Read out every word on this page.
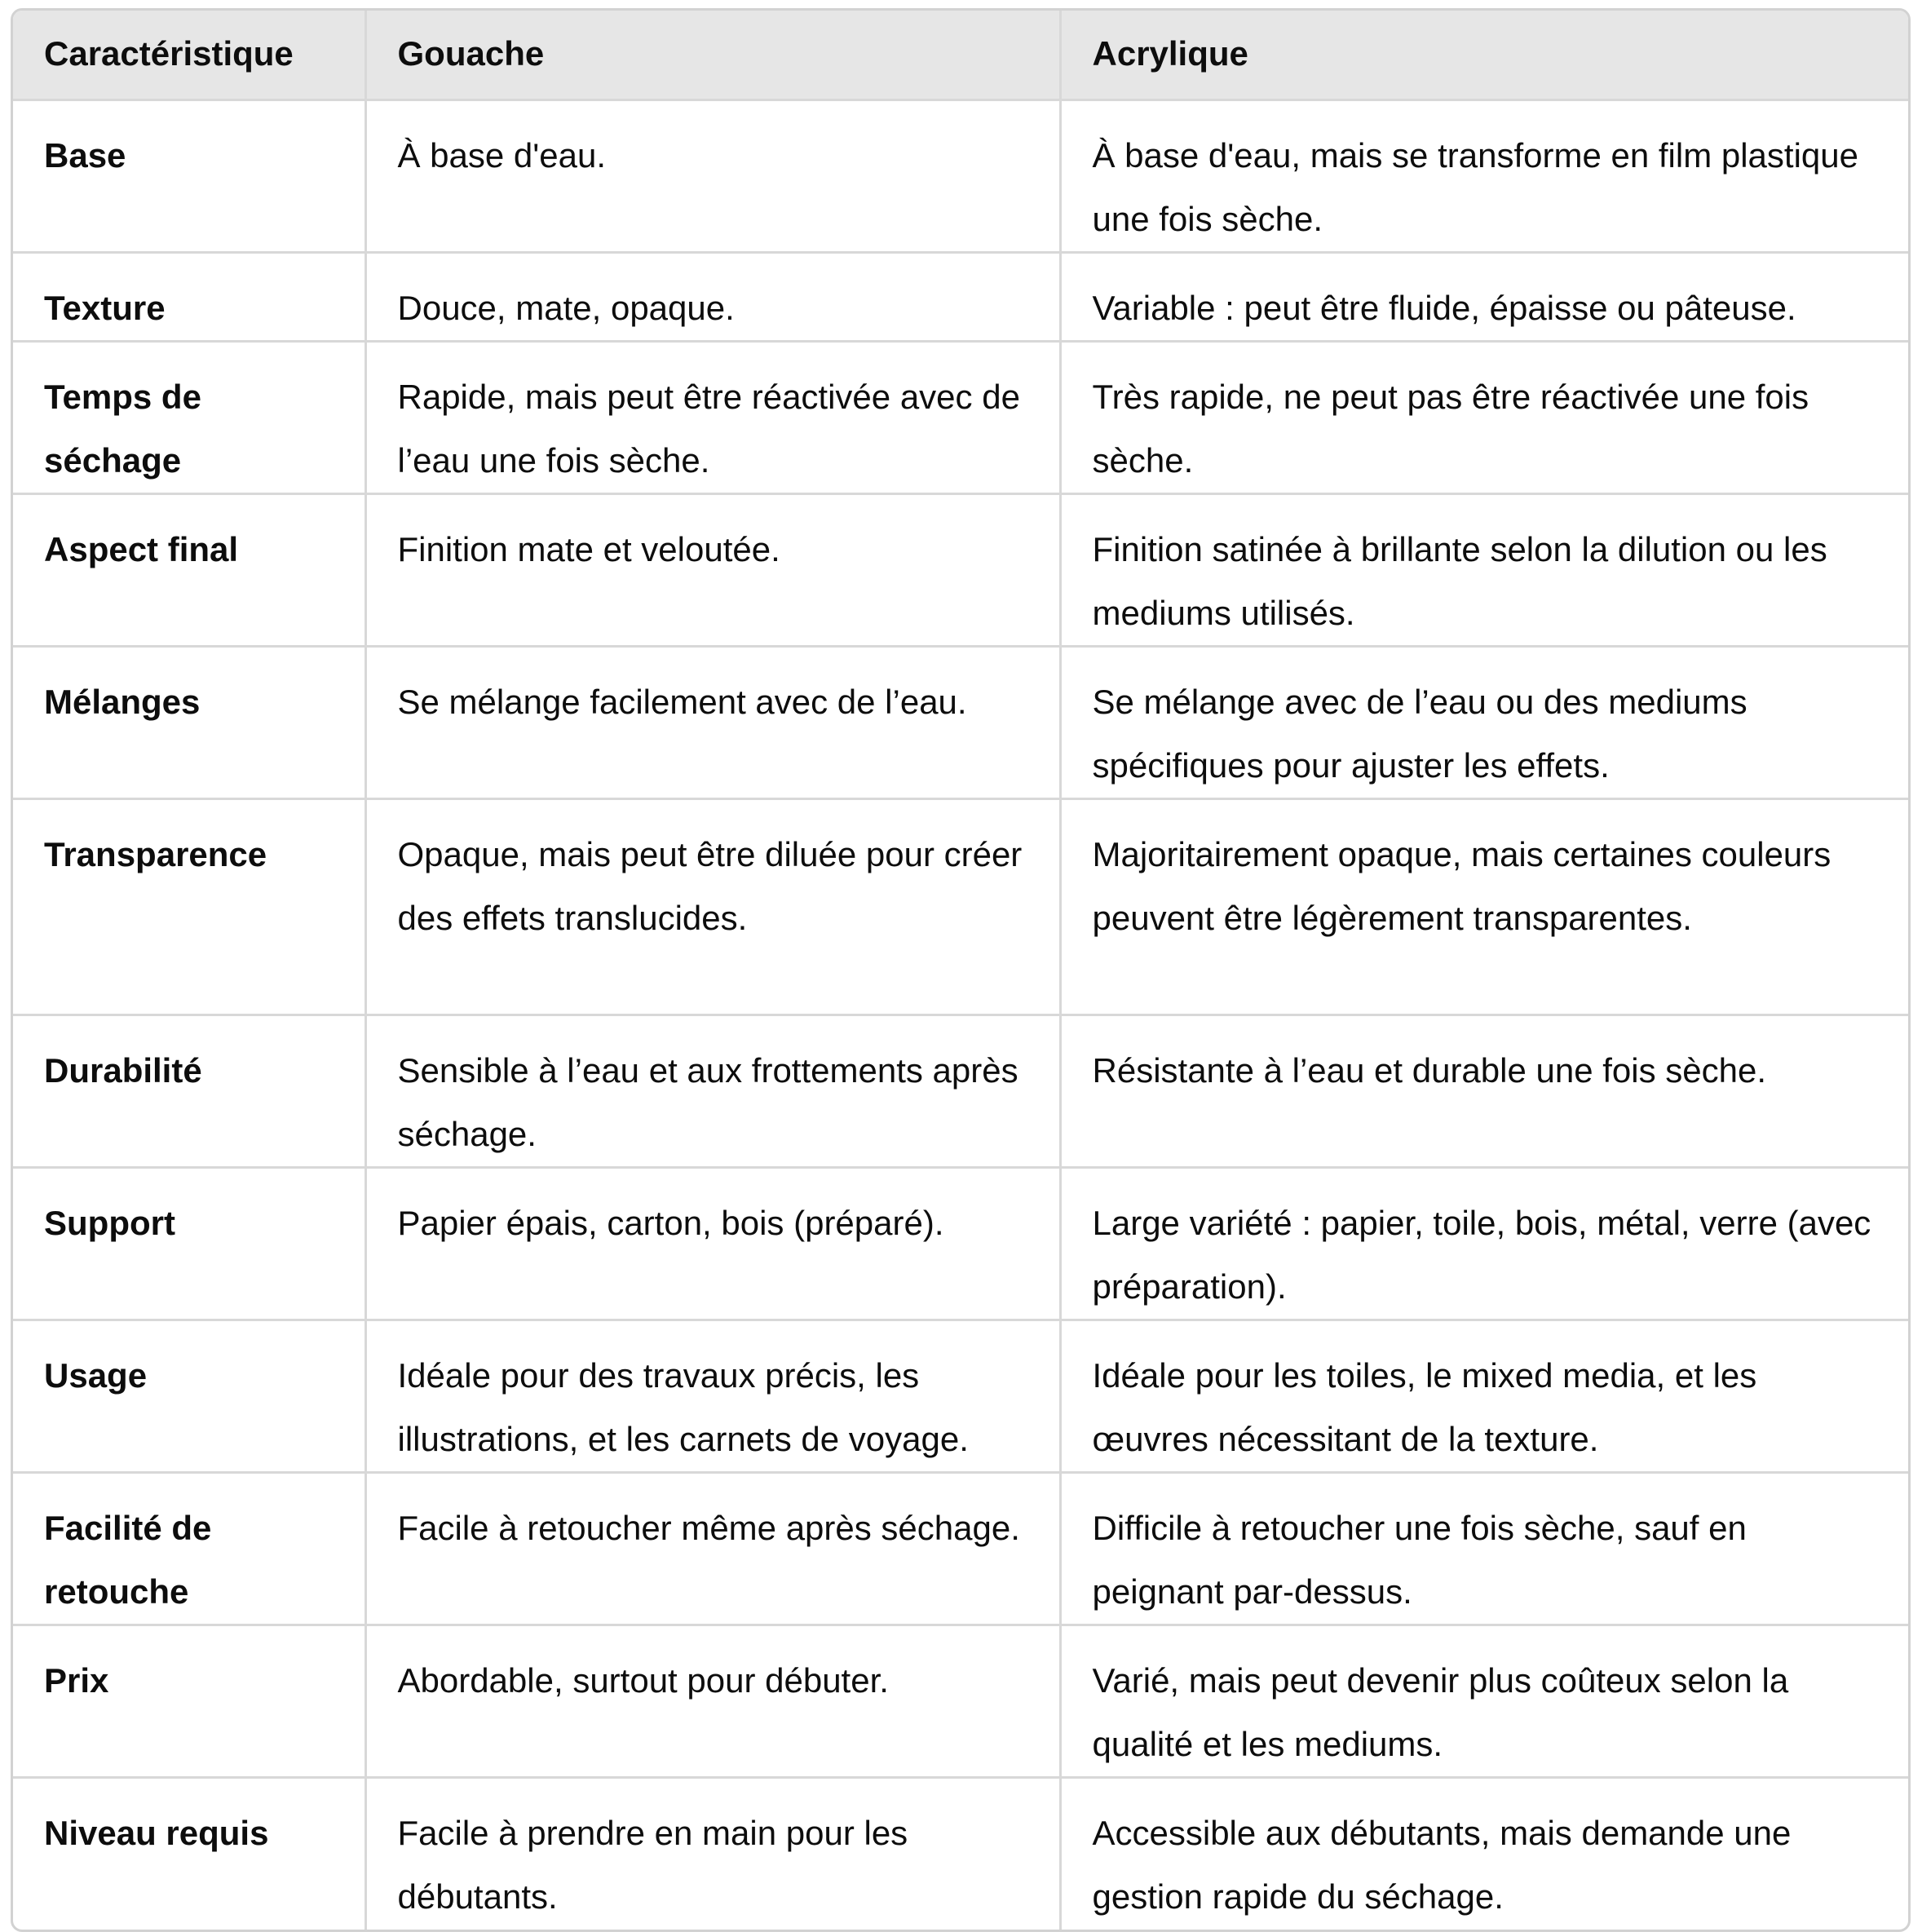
Caractéristique	Gouache	Acrylique
Base	À base d'eau.	À base d'eau, mais se transforme en film plastique une fois sèche.
Texture	Douce, mate, opaque.	Variable : peut être fluide, épaisse ou pâteuse.
Temps de séchage	Rapide, mais peut être réactivée avec de l’eau une fois sèche.	Très rapide, ne peut pas être réactivée une fois sèche.
Aspect final	Finition mate et veloutée.	Finition satinée à brillante selon la dilution ou les mediums utilisés.
Mélanges	Se mélange facilement avec de l’eau.	Se mélange avec de l’eau ou des mediums spécifiques pour ajuster les effets.
Transparence	Opaque, mais peut être diluée pour créer des effets translucides.	Majoritairement opaque, mais certaines couleurs peuvent être légèrement transparentes.
Durabilité	Sensible à l’eau et aux frottements après séchage.	Résistante à l’eau et durable une fois sèche.
Support	Papier épais, carton, bois (préparé).	Large variété : papier, toile, bois, métal, verre (avec préparation).
Usage	Idéale pour des travaux précis, les illustrations, et les carnets de voyage.	Idéale pour les toiles, le mixed media, et les œuvres nécessitant de la texture.
Facilité de retouche	Facile à retoucher même après séchage.	Difficile à retoucher une fois sèche, sauf en peignant par-dessus.
Prix	Abordable, surtout pour débuter.	Varié, mais peut devenir plus coûteux selon la qualité et les mediums.
Niveau requis	Facile à prendre en main pour les débutants.	Accessible aux débutants, mais demande une gestion rapide du séchage.
